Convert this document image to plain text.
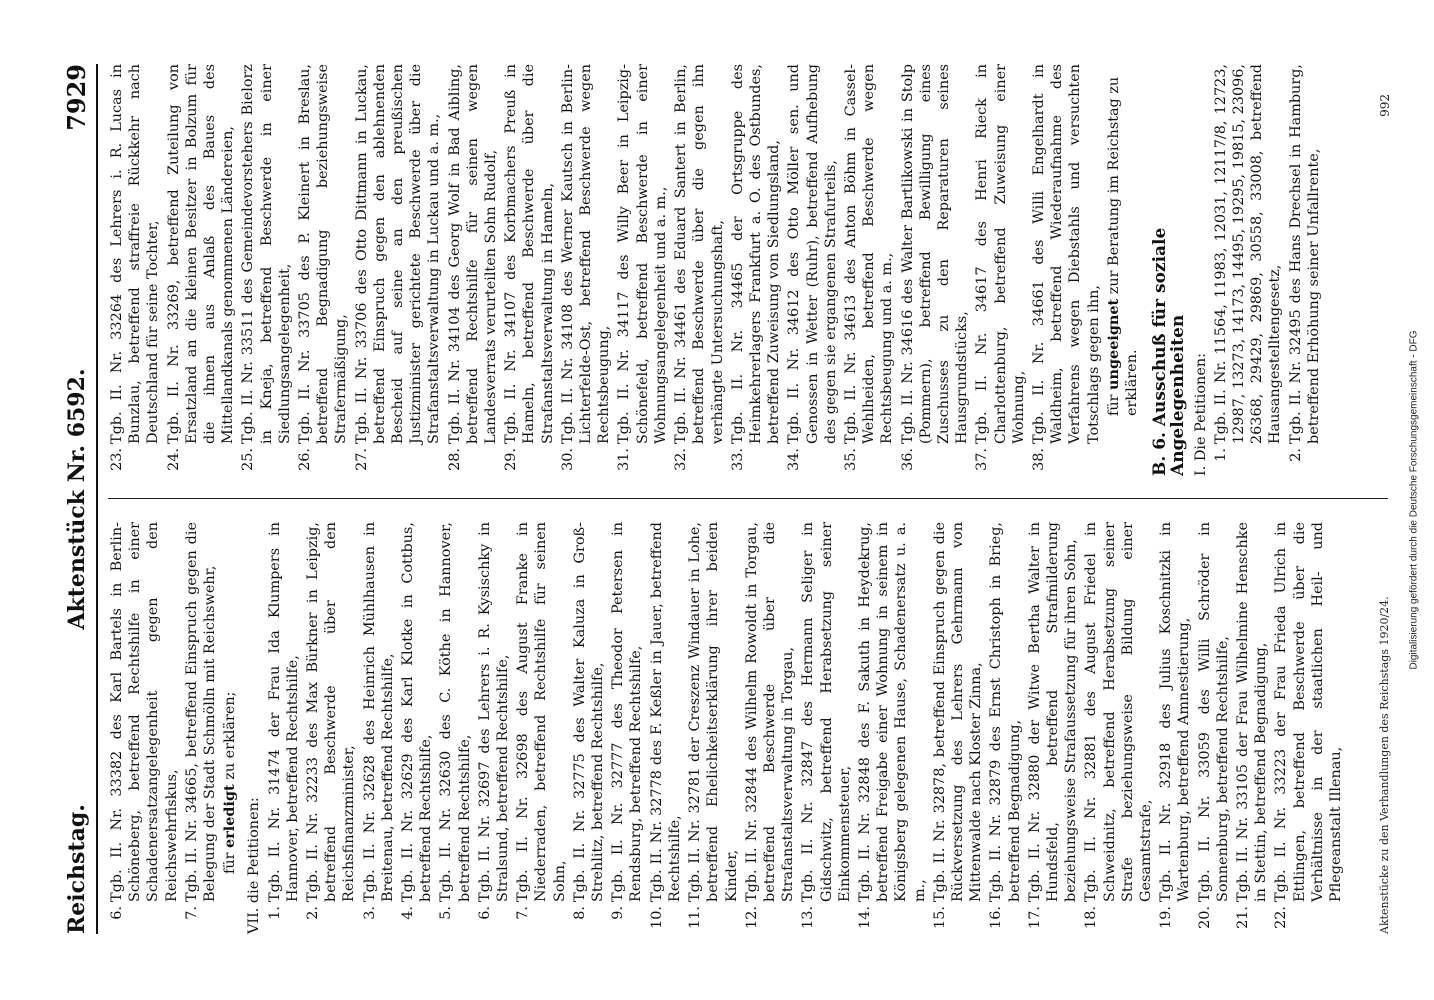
Reichstag.
Aktenstück Nr. 6592.
7929
6.
Tgb. II. Nr. 33382 des Karl Bartels in Berlin-Schöneberg, betreffend Rechtshilfe in einer Schadenersatzangelegenheit gegen den Reichswehrfiskus,
7.
Tgb. II. Nr. 34665, betreffend Einspruch gegen die Belegung der Stadt Schmölln mit Reichswehr, für erledigt zu erklären;
VII. die Petitionen: 1.
Tgb. II. Nr. 31474 der Frau Ida Klumpers in Hannover, betreffend Rechtshilfe,
2.
Tgb. II. Nr. 32233 des Max Bürkner in Leipzig, betreffend Beschwerde über den Reichsfinanzminister,
3.
Tgb. II. Nr. 32628 des Heinrich Mühlhausen in Breitenau, betreffend Rechtshilfe,
4.
Tgb. II. Nr. 32629 des Karl Klotke in Cottbus, betreffend Rechtshilfe,
5.
Tgb. II. Nr. 32630 des C. Köthe in Hannover, betreffend Rechtshilfe,
6.
Tgb. II. Nr. 32697 des Lehrers i. R. Kysischky in Stralsund, betreffend Rechtshilfe,
7.
Tgb. II. Nr. 32698 des August Franke in Niederraden, betreffend Rechtshilfe für seinen Sohn,
8.
Tgb. II. Nr. 32775 des Walter Kaluza in Groß-Strehlitz, betreffend Rechtshilfe,
9.
Tgb. II. Nr. 32777 des Theodor Petersen in Rendsburg, betreffend Rechtshilfe,
10.
Tgb. II. Nr. 32778 des F. Keßler in Jauer, betreffend Rechtshilfe,
11.
Tgb. II. Nr. 32781 der Creszenz Windauer in Lohe, betreffend Ehelichkeitserklärung ihrer beiden Kinder,
12.
Tgb. II. Nr. 32844 des Wilhelm Rowoldt in Torgau, betreffend Beschwerde über die Strafanstaltsverwaltung in Torgau,
13.
Tgb. II. Nr. 32847 des Hermann Seliger in Gidschwitz, betreffend Herabsetzung seiner Einkommensteuer,
14.
Tgb. II. Nr. 32848 des F. Sakuth in Heydekrug, betreffend Freigabe einer Wohnung in seinem in Königsberg gelegenen Hause, Schadenersatz u. a. m.,
15.
Tgb. II. Nr. 32878, betreffend Einspruch gegen die Rückversetzung des Lehrers Gehrmann von Mittenwalde nach Kloster Zinna,
16.
Tgb. II. Nr. 32879 des Ernst Christoph in Brieg, betreffend Begnadigung,
17.
Tgb. II. Nr. 32880 der Witwe Bertha Walter in Hundsfeld, betreffend Strafmilderung beziehungsweise Strafaussetzung für ihren Sohn,
18.
Tgb. II. Nr. 32881 des August Friedel in Schweidnitz, betreffend Herabsetzung seiner Strafe beziehungsweise Bildung einer Gesamtstrafe,
19.
Tgb. II. Nr. 32918 des Julius Koschnitzki in Wartenburg, betreffend Amnestierung,
20.
Tgb. II. Nr. 33059 des Willi Schröder in Sonnenburg, betreffend Rechtshilfe,
21.
Tgb. II. Nr. 33105 der Frau Wilhelmine Henschke in Stettin, betreffend Begnadigung,
22.
Tgb. II. Nr. 33223 der Frau Frieda Ulrich in Ettlingen, betreffend Beschwerde über die Verhältnisse in der staatlichen Heil- und Pflegeanstalt Illenau,
23.
Tgb. II. Nr. 33264 des Lehrers i. R. Lucas in Bunzlau, betreffend straffreie Rückkehr nach Deutschland für seine Tochter,
24.
Tgb. II. Nr. 33269, betreffend Zuteilung von Ersatzland an die kleinen Besitzer in Bolzum für die ihnen aus Anlaß des Baues des Mittellandkanals genommenen Ländereien,
25.
Tgb. II. Nr. 33511 des Gemeindevorstehers Bielorz in Kneja, betreffend Beschwerde in einer Siedlungsangelegenheit,
26.
Tgb. II. Nr. 33705 des P. Kleinert in Breslau, betreffend Begnadigung beziehungsweise Strafermäßigung,
27.
Tgb. II. Nr. 33706 des Otto Dittmann in Luckau, betreffend Einspruch gegen den ablehnenden Bescheid auf seine an den preußischen Justizminister gerichtete Beschwerde über die Strafanstaltsverwaltung in Luckau und a. m.,
28.
Tgb. II. Nr. 34104 des Georg Wolf in Bad Aibling, betreffend Rechtshilfe für seinen wegen Landesverrats verurteilten Sohn Rudolf,
29.
Tgb. II. Nr. 34107 des Korbmachers Preuß in Hameln, betreffend Beschwerde über die Strafanstaltsverwaltung in Hameln,
30.
Tgb. II. Nr. 34108 des Werner Kautsch in Berlin-Lichterfelde-Ost, betreffend Beschwerde wegen Rechtsbeugung,
31.
Tgb. II. Nr. 34117 des Willy Beer in Leipzig-Schönefeld, betreffend Beschwerde in einer Wohnungsangelegenheit und a. m.,
32.
Tgb. II. Nr. 34461 des Eduard Santert in Berlin, betreffend Beschwerde über die gegen ihn verhängte Untersuchungshaft,
33.
Tgb. II. Nr. 34465 der Ortsgruppe des Heimkehrerlagers Frankfurt a. O. des Ostbundes, betreffend Zuweisung von Siedlungsland,
34.
Tgb. II. Nr. 34612 des Otto Möller sen. und Genossen in Wetter (Ruhr), betreffend Aufhebung des gegen sie ergangenen Strafurteils,
35.
Tgb. II. Nr. 34613 des Anton Böhm in Cassel-Wehlheiden, betreffend Beschwerde wegen Rechtsbeugung und a. m.,
36.
Tgb. II. Nr. 34616 des Walter Bartlikowski in Stolp (Pommern), betreffend Bewilligung eines Zuschusses zu den Reparaturen seines Hausgrundstücks,
37.
Tgb. II. Nr. 34617 des Henri Rieck in Charlottenburg, betreffend Zuweisung einer Wohnung,
38.
Tgb. II. Nr. 34661 des Willi Engelhardt in Waldheim, betreffend Wiederaufnahme des Verfahrens wegen Diebstahls und versuchten Totschlags gegen ihn, für ungeeignet zur Beratung im Reichstag zu erklären. B. 6. Ausschuß für soziale Angelegenheiten I. Die Petitionen: 1.
Tgb. II. Nr. 11564, 11983, 12031, 12117/8, 12723, 12987, 13273, 14173, 14495, 19295, 19815, 23096, 26368, 29429, 29869, 30558, 33008, betreffend Hausangestelltengesetz,
2.
Tgb. II. Nr. 32495 des Hans Drechsel in Hamburg, betreffend Erhöhung seiner Unfallrente,
Aktenstücke zu den Verhandlungen des Reichstags 1920/24.
992
Digitalisierung gefördert durch die Deutsche Forschungsgemeinschaft - DFG
